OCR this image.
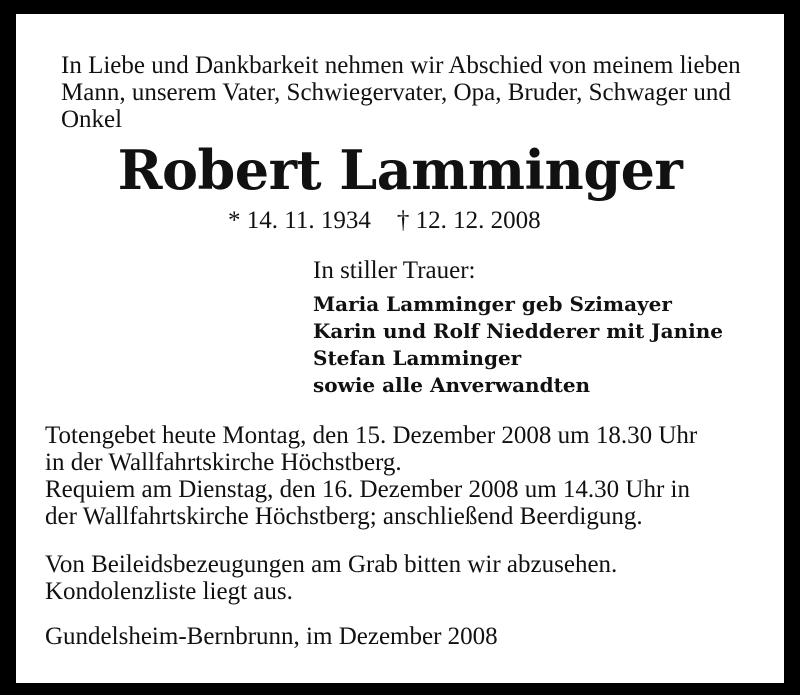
In Liebe und Dankbarkeit nehmen wir Abschied von meinem lieben
Mann, unserem Vater, Schwiegervater, Opa, Bruder, Schwager und
Onkel
Robert Lamminger
* 14. 11. 1934 † 12. 12. 2008
In stiller Trauer:
Maria Lamminger geb Szimayer
Karin und Rolf Niedderer mit Janine
Stefan Lamminger
sowie alle Anverwandten
Totengebet heute Montag, den 15. Dezember 2008 um 18.30 Uhr
in der Wallfahrtskirche Höchstberg.
Requiem am Dienstag, den 16. Dezember 2008 um 14.30 Uhr in
der Wallfahrtskirche Höchstberg; anschließend Beerdigung.
Von Beileidsbezeugungen am Grab bitten wir abzusehen.
Kondolenzliste liegt aus.
Gundelsheim-Bernbrunn, im Dezember 2008
